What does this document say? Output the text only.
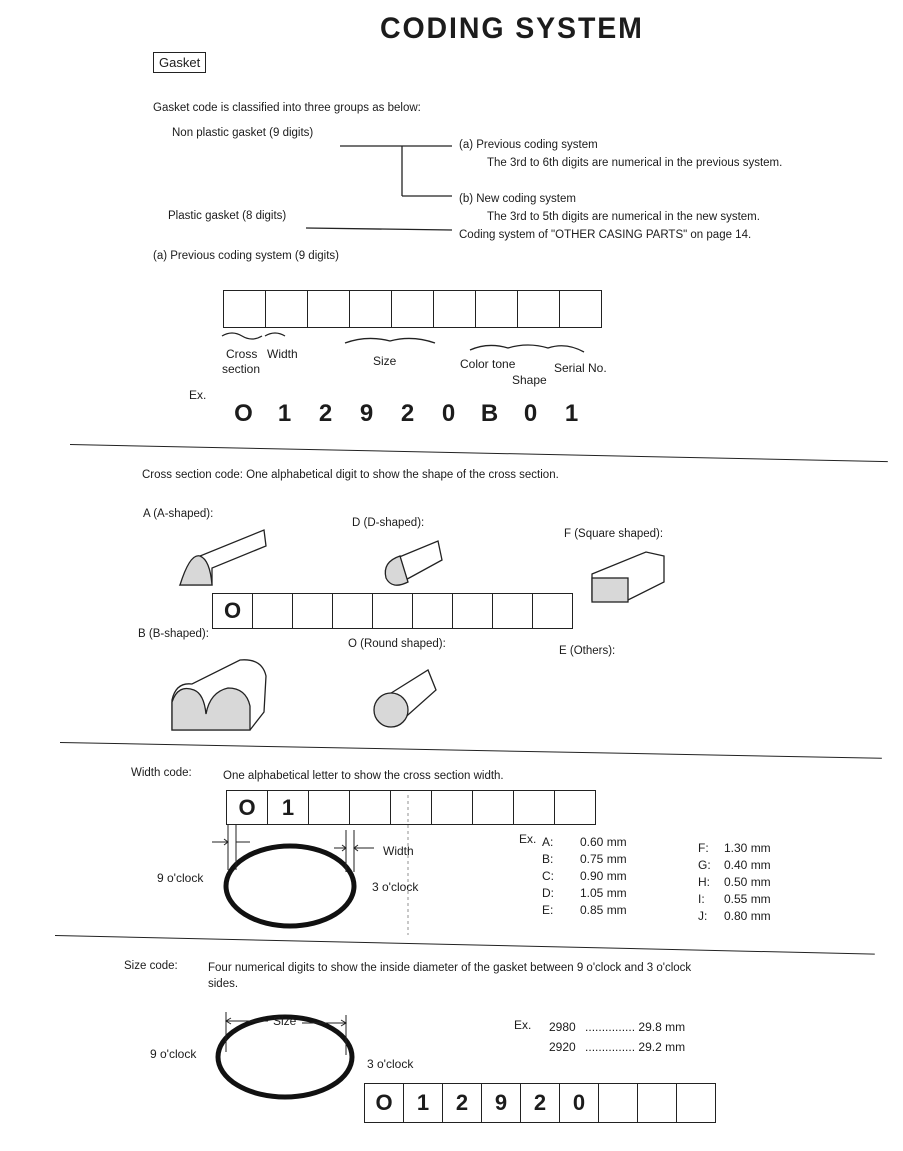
CODING SYSTEM
Gasket
Gasket code is classified into three groups as below:
Non plastic gasket (9 digits)
Plastic gasket (8 digits)
(a) Previous coding system
The 3rd to 6th digits are numerical in the previous system.
(b) New coding system
The 3rd to 5th digits are numerical in the new system.
Coding system of "OTHER CASING PARTS" on page 14.
(a) Previous coding system (9 digits)
Cross
section
Width	Size	Color tone
Shape
Serial No.
Ex.
O 1 2 9 2 0 B 0 1
Cross section code: One alphabetical digit to show the shape of the cross section.
A (A-shaped):
D (D-shaped):
F (Square shaped):
B (B-shaped):
O (Round shaped):
E (Others):
O
Width code:	One alphabetical letter to show the cross section width.
O	1
Width
9 o'clock
3 o'clock
Ex. A: 0.60 mm
B: 0.75 mm
C: 0.90 mm
D: 1.05 mm
E: 0.85 mm
F: 1.30 mm
G: 0.40 mm
H: 0.50 mm
I: 0.55 mm
J: 0.80 mm
Size code:	Four numerical digits to show the inside diameter of the gasket between 9 o'clock and 3 o'clock
sides.
Size
9 o'clock
3 o'clock
Ex. 2980 ............... 29.8 mm
2920 ............... 29.2 mm
O	1	2	9	2	0
